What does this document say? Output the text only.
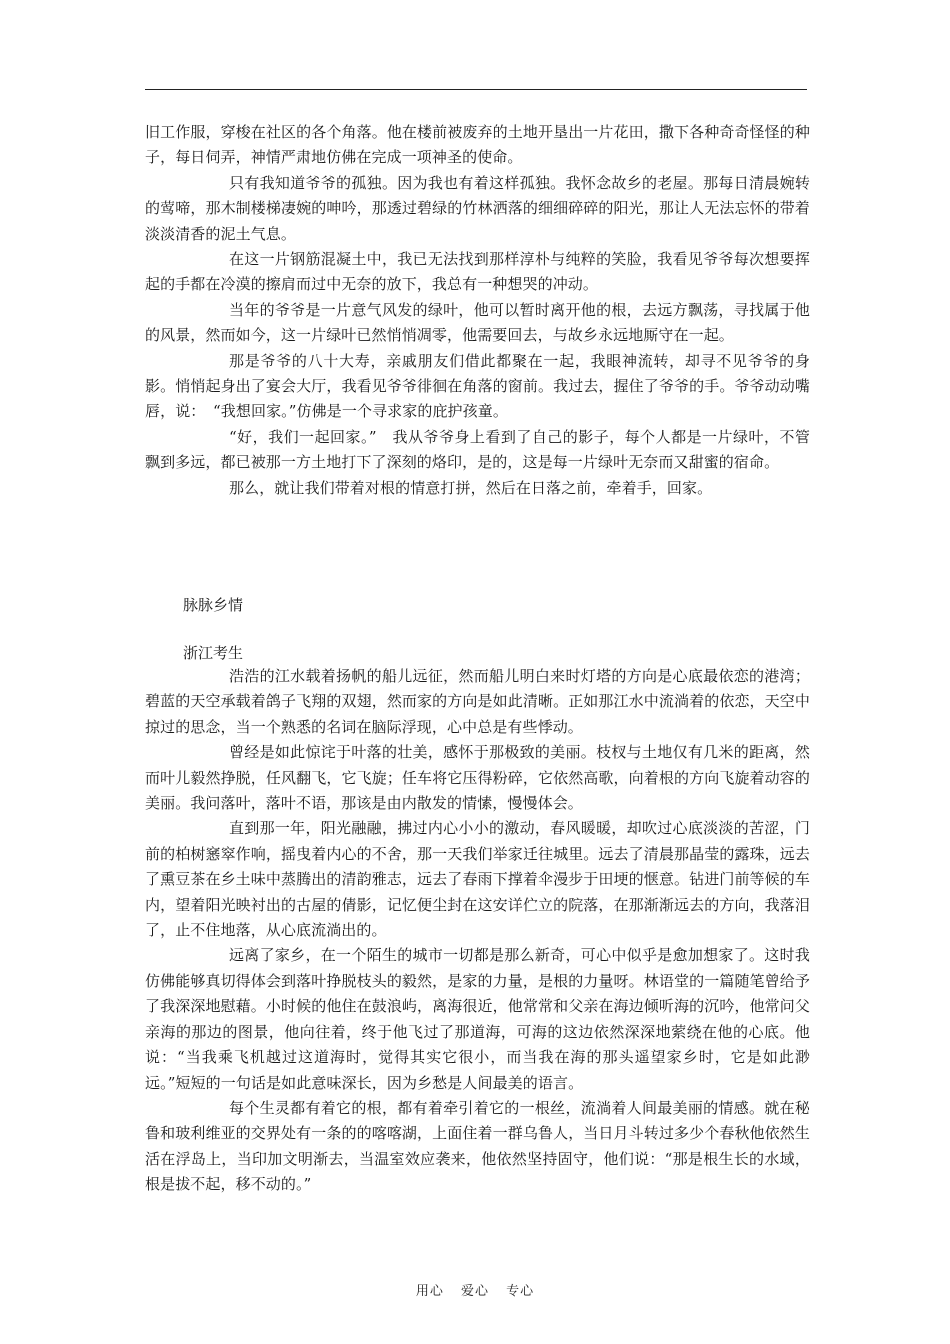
旧工作服，穿梭在社区的各个角落。他在楼前被废弃的土地开垦出一片花田，撒下各种奇奇怪怪的种子，每日伺弄，神情严肃地仿佛在完成一项神圣的使命。

只有我知道爷爷的孤独。因为我也有着这样孤独。我怀念故乡的老屋。那每日清晨婉转的莺啼，那木制楼梯凄婉的呻吟，那透过碧绿的竹林洒落的细细碎碎的阳光，那让人无法忘怀的带着淡淡清香的泥土气息。

在这一片钢筋混凝土中，我已无法找到那样淳朴与纯粹的笑脸，我看见爷爷每次想要挥起的手都在冷漠的擦肩而过中无奈的放下，我总有一种想哭的冲动。

当年的爷爷是一片意气风发的绿叶，他可以暂时离开他的根，去远方飘荡，寻找属于他的风景，然而如今，这一片绿叶已然悄悄凋零，他需要回去，与故乡永远地厮守在一起。

那是爷爷的八十大寿，亲戚朋友们借此都聚在一起，我眼神流转，却寻不见爷爷的身影。悄悄起身出了宴会大厅，我看见爷爷徘徊在角落的窗前。我过去，握住了爷爷的手。爷爷动动嘴唇，说：　“我想回家。”仿佛是一个寻求家的庇护孩童。

“好，我们一起回家。”　我从爷爷身上看到了自己的影子，每个人都是一片绿叶，不管飘到多远，都已被那一方土地打下了深刻的烙印，是的，这是每一片绿叶无奈而又甜蜜的宿命。

那么，就让我们带着对根的情意打拼，然后在日落之前，牵着手，回家。

脉脉乡情

浙江考生

浩浩的江水载着扬帆的船儿远征，然而船儿明白来时灯塔的方向是心底最依恋的港湾；碧蓝的天空承载着鸽子飞翔的双翅，然而家的方向是如此清晰。正如那江水中流淌着的依恋，天空中掠过的思念，当一个熟悉的名词在脑际浮现，心中总是有些悸动。

曾经是如此惊诧于叶落的壮美，感怀于那极致的美丽。枝杈与土地仅有几米的距离，然而叶儿毅然挣脱，任风翻飞，它飞旋；任车将它压得粉碎，它依然高歌，向着根的方向飞旋着动容的美丽。我问落叶，落叶不语，那该是由内散发的情愫，慢慢体会。

直到那一年，阳光融融，拂过内心小小的激动，春风暖暖，却吹过心底淡淡的苦涩，门前的柏树窸窣作响，摇曳着内心的不舍，那一天我们举家迁往城里。远去了清晨那晶莹的露珠，远去了熏豆茶在乡土味中蒸腾出的清韵雅志，远去了春雨下撑着伞漫步于田埂的惬意。钻进门前等候的车内，望着阳光映衬出的古屋的倩影，记忆便尘封在这安详伫立的院落，在那渐渐远去的方向，我落泪了，止不住地落，从心底流淌出的。

远离了家乡，在一个陌生的城市一切都是那么新奇，可心中似乎是愈加想家了。这时我仿佛能够真切得体会到落叶挣脱枝头的毅然，是家的力量，是根的力量呀。林语堂的一篇随笔曾给予了我深深地慰藉。小时候的他住在鼓浪屿，离海很近，他常常和父亲在海边倾听海的沉吟，他常问父亲海的那边的图景，他向往着，终于他飞过了那道海，可海的这边依然深深地萦绕在他的心底。他说：“当我乘飞机越过这道海时，觉得其实它很小，而当我在海的那头遥望家乡时，它是如此渺远。”短短的一句话是如此意味深长，因为乡愁是人间最美的语言。

每个生灵都有着它的根，都有着牵引着它的一根丝，流淌着人间最美丽的情感。就在秘鲁和玻利维亚的交界处有一条的的喀喀湖，上面住着一群乌鲁人，当日月斗转过多少个春秋他依然生活在浮岛上，当印加文明渐去，当温室效应袭来，他依然坚持固守，他们说：“那是根生长的水域，根是拔不起，移不动的。”

用心 爱心 专心
